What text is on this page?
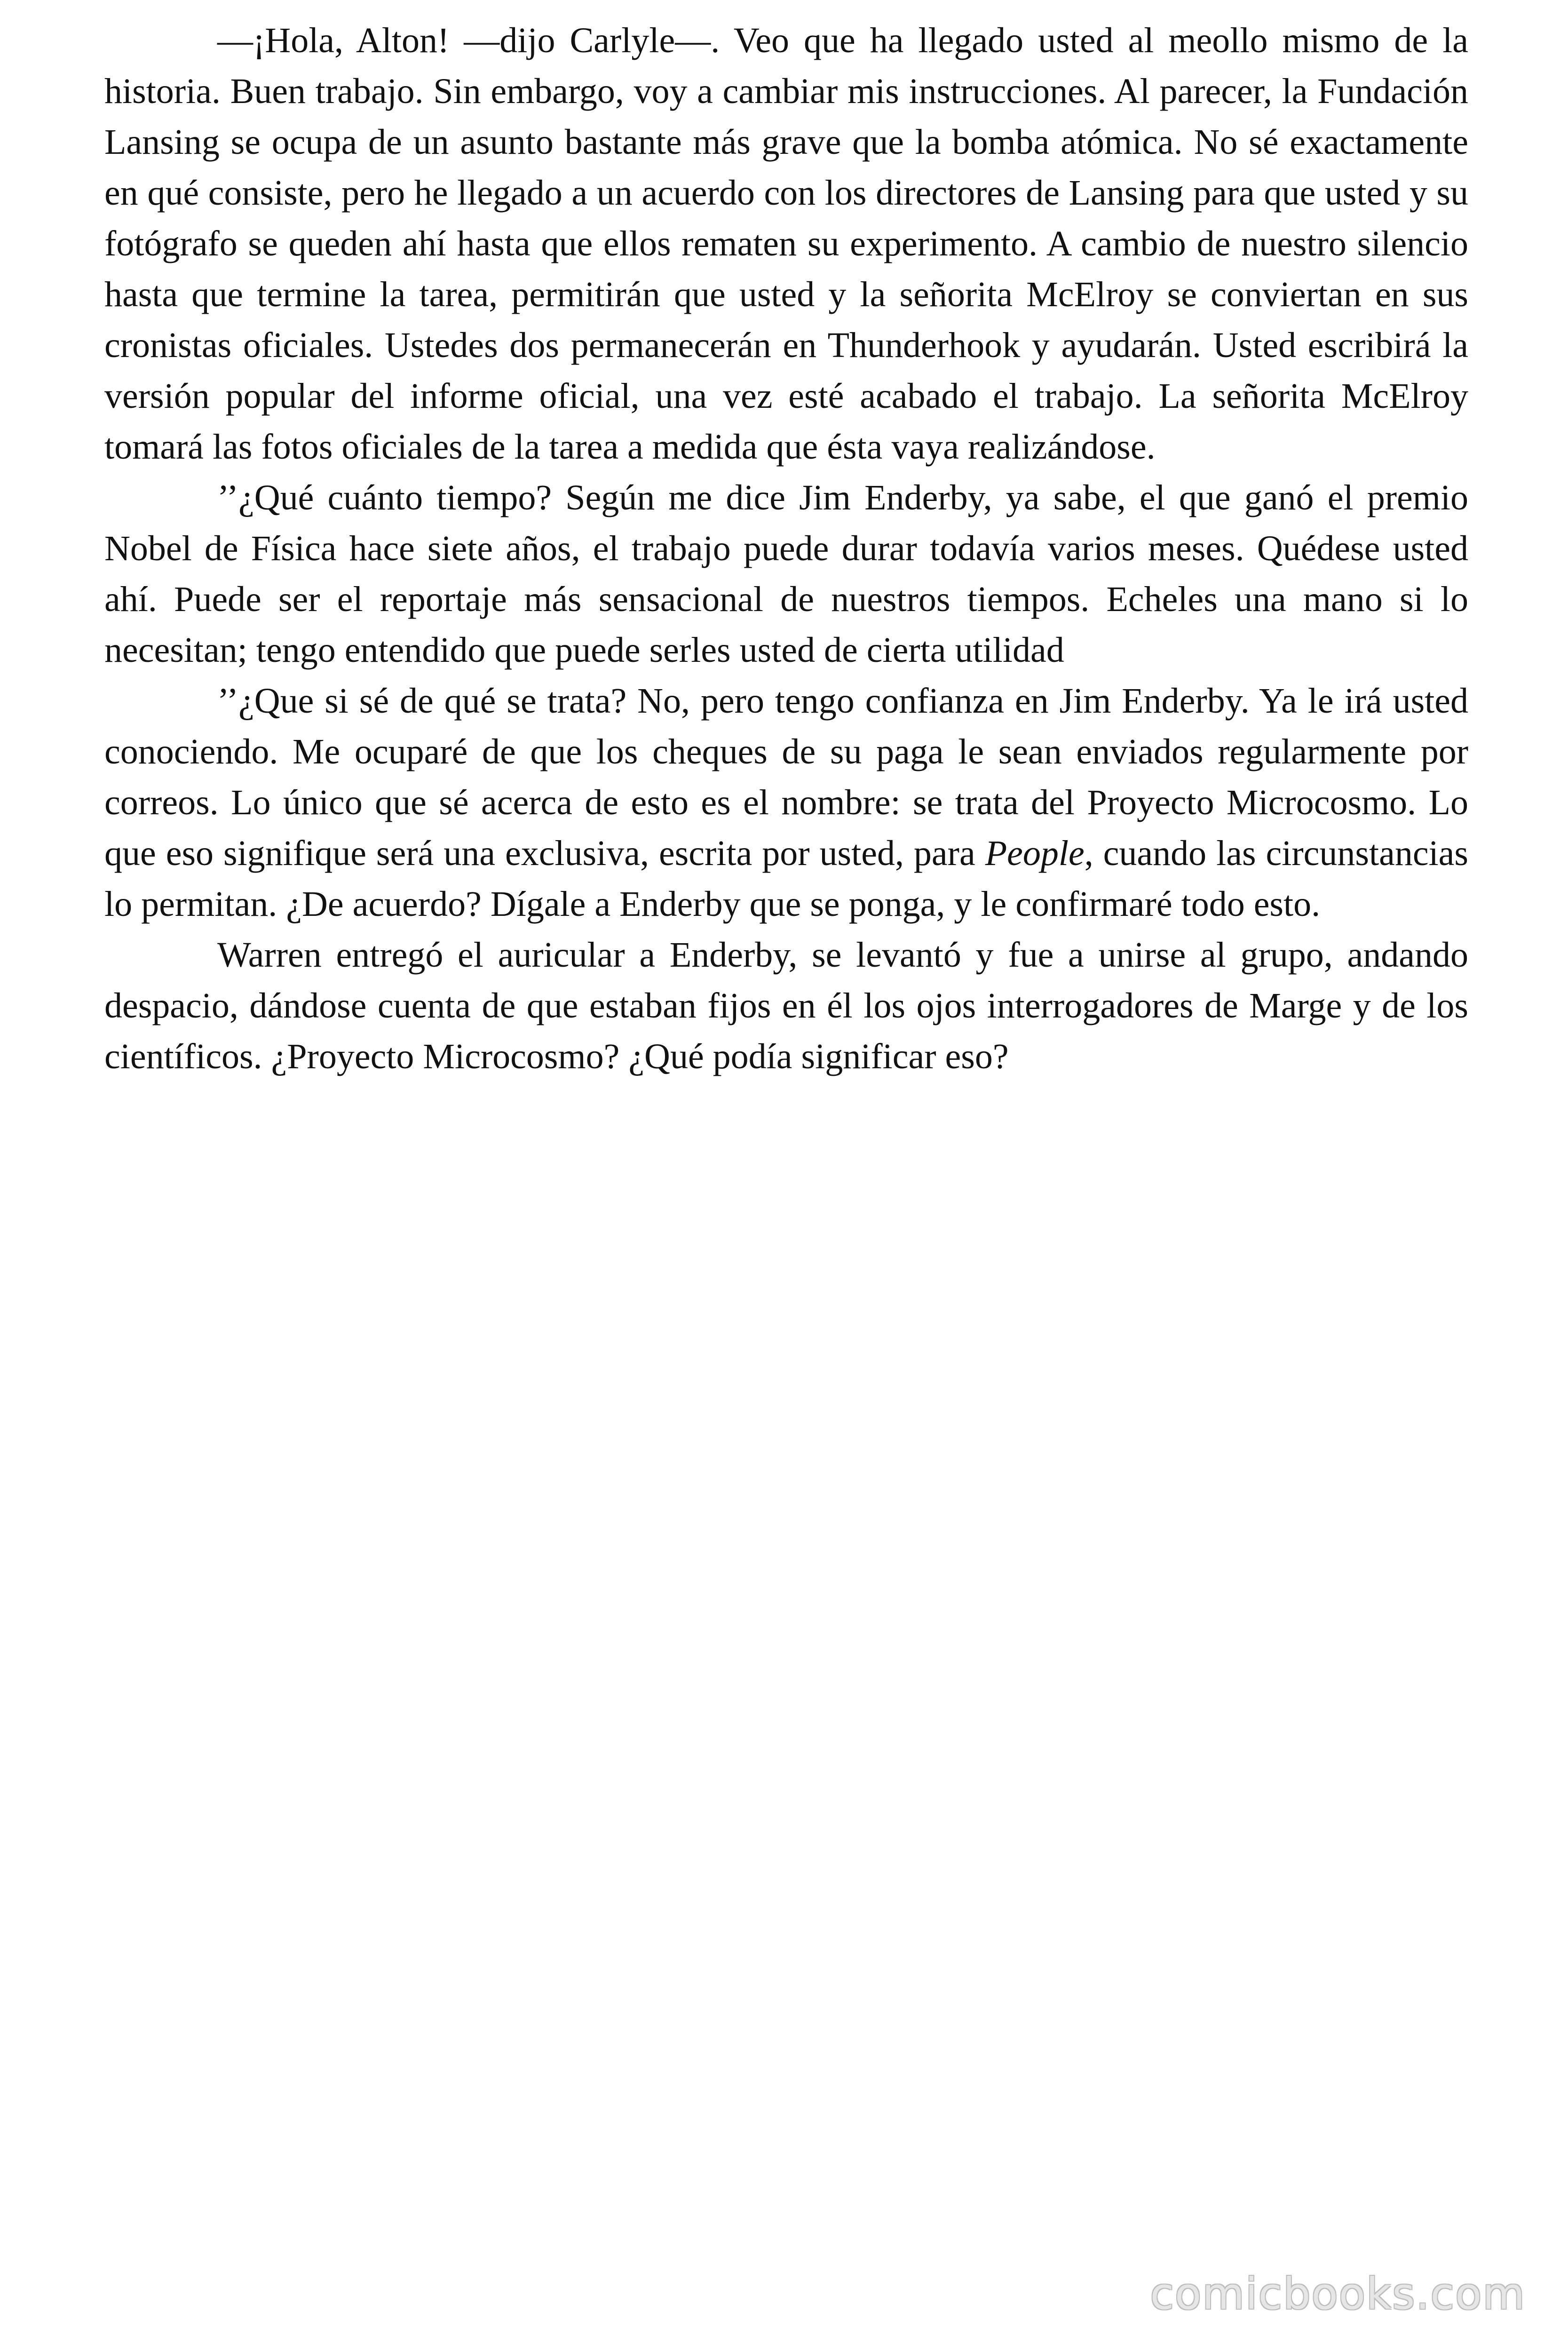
—¡Hola, Alton! —dijo Carlyle—. Veo que ha llegado usted al meollo mismo de la historia. Buen trabajo. Sin embargo, voy a cambiar mis instrucciones. Al parecer, la Fundación Lansing se ocupa de un asunto bastante más grave que la bomba atómica. No sé exactamente en qué consiste, pero he llegado a un acuerdo con los directores de Lansing para que usted y su fotógrafo se queden ahí hasta que ellos rematen su experimento. A cambio de nuestro silencio hasta que termine la tarea, permitirán que usted y la señorita McElroy se conviertan en sus cronistas oficiales. Ustedes dos permanecerán en Thunderhook y ayudarán. Usted escribirá la versión popular del informe oficial, una vez esté acabado el trabajo. La señorita McElroy tomará las fotos oficiales de la tarea a medida que ésta vaya realizándose.

’’¿Qué cuánto tiempo? Según me dice Jim Enderby, ya sabe, el que ganó el premio Nobel de Física hace siete años, el trabajo puede durar todavía varios meses. Quédese usted ahí. Puede ser el reportaje más sensacional de nuestros tiempos. Echeles una mano si lo necesitan; tengo entendido que puede serles usted de cierta utilidad

’’¿Que si sé de qué se trata? No, pero tengo confianza en Jim Enderby. Ya le irá usted conociendo. Me ocuparé de que los cheques de su paga le sean enviados regularmente por correos. Lo único que sé acerca de esto es el nombre: se trata del Proyecto Microcosmo. Lo que eso signifique será una exclusiva, escrita por usted, para People, cuando las circunstancias lo permitan. ¿De acuerdo? Dígale a Enderby que se ponga, y le confirmaré todo esto.

Warren entregó el auricular a Enderby, se levantó y fue a unirse al grupo, andando despacio, dándose cuenta de que estaban fijos en él los ojos interrogadores de Marge y de los científicos. ¿Proyecto Microcosmo? ¿Qué podía significar eso?

comicbooks.com
